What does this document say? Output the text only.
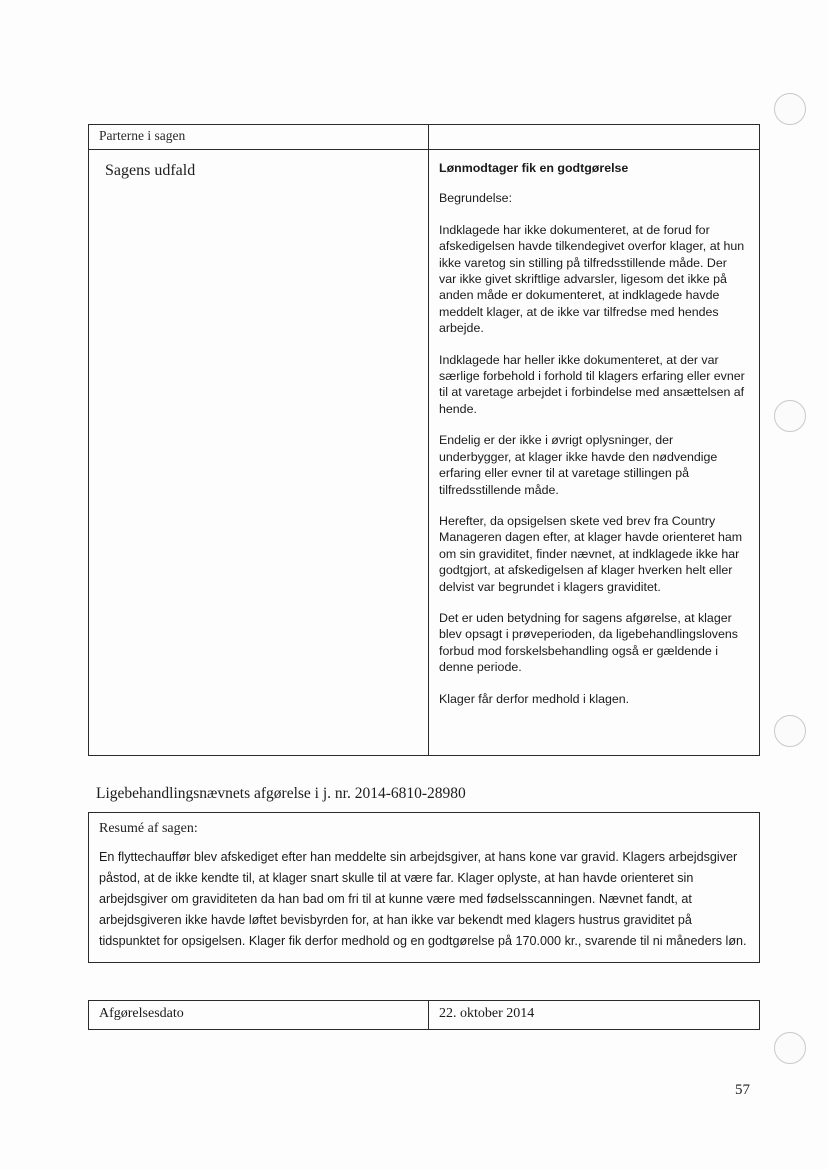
Parterne i sagen
Sagens udfald	Lønmodtager fik en godtgørelse

Begrundelse:

Indklagede har ikke dokumenteret, at de forud for afskedigelsen havde tilkendegivet overfor klager, at hun ikke varetog sin stilling på tilfredsstillende måde. Der var ikke givet skriftlige advarsler, ligesom det ikke på anden måde er dokumenteret, at indklagede havde meddelt klager, at de ikke var tilfredse med hendes arbejde.

Indklagede har heller ikke dokumenteret, at der var særlige forbehold i forhold til klagers erfaring eller evner til at varetage arbejdet i forbindelse med ansættelsen af hende.

Endelig er der ikke i øvrigt oplysninger, der underbygger, at klager ikke havde den nødvendige erfaring eller evner til at varetage stillingen på tilfredsstillende måde.

Herefter, da opsigelsen skete ved brev fra Country Manageren dagen efter, at klager havde orienteret ham om sin graviditet, finder nævnet, at indklagede ikke har godtgjort, at afskedigelsen af klager hverken helt eller delvist var begrundet i klagers graviditet.

Det er uden betydning for sagens afgørelse, at klager blev opsagt i prøveperioden, da ligebehandlingslovens forbud mod forskelsbehandling også er gældende i denne periode.

Klager får derfor medhold i klagen.

Ligebehandlingsnævnets afgørelse i j. nr. 2014-6810-28980
Resumé af sagen:
En flyttechauffør blev afskediget efter han meddelte sin arbejdsgiver, at hans kone var gravid. Klagers arbejdsgiver påstod, at de ikke kendte til, at klager snart skulle til at være far. Klager oplyste, at han havde orienteret sin arbejdsgiver om graviditeten da han bad om fri til at kunne være med fødselsscanningen. Nævnet fandt, at arbejdsgiveren ikke havde løftet bevisbyrden for, at han ikke var bekendt med klagers hustrus graviditet på tidspunktet for opsigelsen. Klager fik derfor medhold og en godtgørelse på 170.000 kr., svarende til ni måneders løn.
Afgørelsesdato	22. oktober 2014
57
